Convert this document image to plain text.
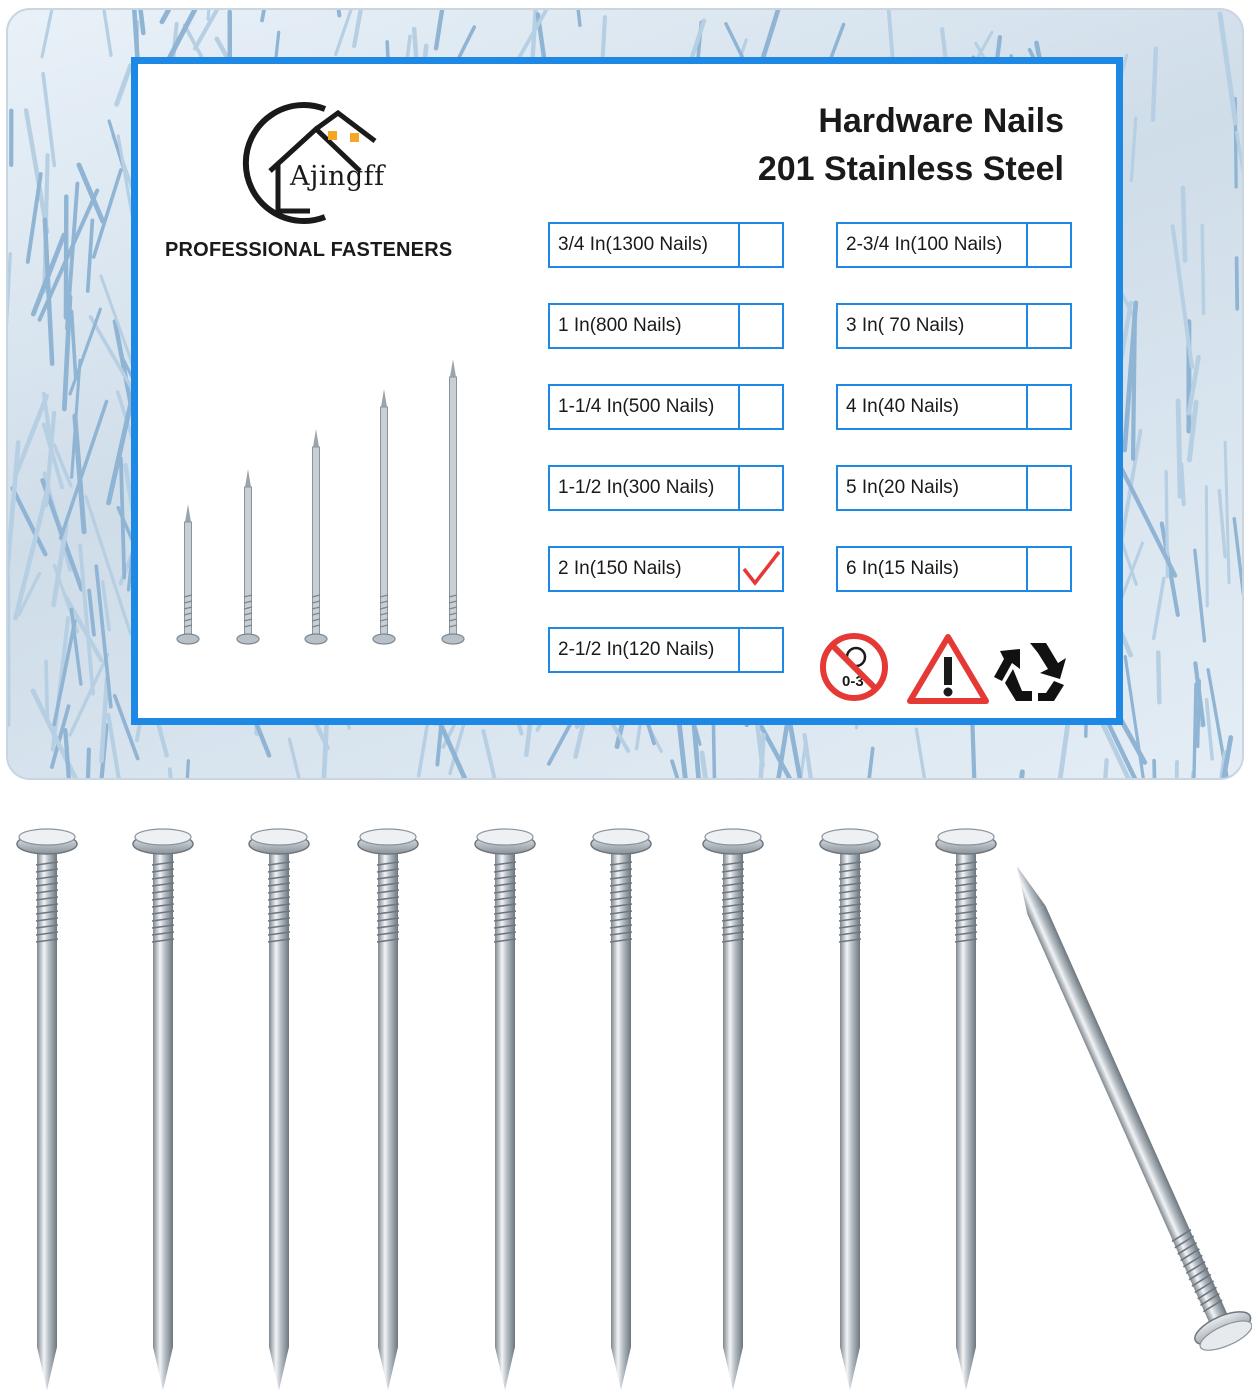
Ajingff
PROFESSIONAL FASTENERS
Hardware Nails
201 Stainless Steel
3/4 In(1300 Nails)
1 In(800 Nails)
1-1/4 In(500 Nails)
1-1/2 In(300 Nails)
2 In(150 Nails)
2-1/2 In(120 Nails)
2-3/4 In(100 Nails)
3 In( 70 Nails)
4 In(40 Nails)
5 In(20 Nails)
6 In(15 Nails)
0-3
